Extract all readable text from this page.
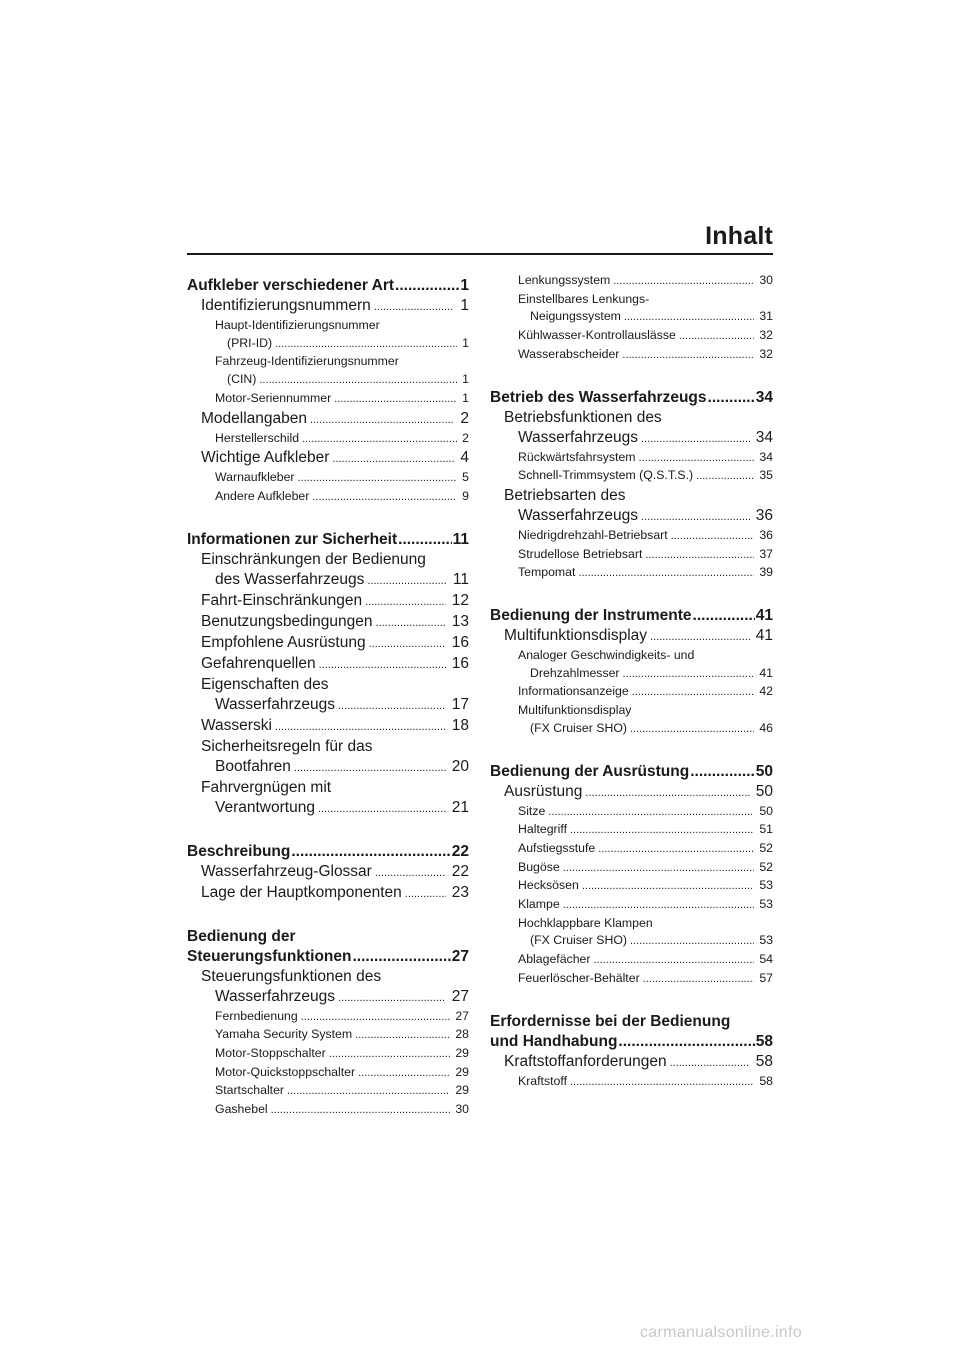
Inhalt
Aufkleber verschiedener Art .....	1
Identifizierungsnummern .....	1
Haupt-Identifizierungsnummer
(PRI-ID) .....	1
Fahrzeug-Identifizierungsnummer
(CIN) .....	1
Motor-Seriennummer .....	1
Modellangaben .....	2
Herstellerschild .....	2
Wichtige Aufkleber .....	4
Warnaufkleber .....	5
Andere Aufkleber .....	9
Informationen zur Sicherheit .....	11
Einschränkungen der Bedienung
des Wasserfahrzeugs .....	11
Fahrt-Einschränkungen .....	12
Benutzungsbedingungen .....	13
Empfohlene Ausrüstung .....	16
Gefahrenquellen .....	16
Eigenschaften des
Wasserfahrzeugs .....	17
Wasserski .....	18
Sicherheitsregeln für das
Bootfahren .....	20
Fahrvergnügen mit
Verantwortung .....	21
Beschreibung .....	22
Wasserfahrzeug-Glossar .....	22
Lage der Hauptkomponenten .....	23
Bedienung der
Steuerungsfunktionen .....	27
Steuerungsfunktionen des
Wasserfahrzeugs .....	27
Fernbedienung .....	27
Yamaha Security System .....	28
Motor-Stoppschalter .....	29
Motor-Quickstoppschalter .....	29
Startschalter .....	29
Gashebel .....	30
Lenkungssystem .....	30
Einstellbares Lenkungs-
Neigungssystem .....	31
Kühlwasser-Kontrollauslässe .....	32
Wasserabscheider .....	32
Betrieb des Wasserfahrzeugs .....	34
Betriebsfunktionen des
Wasserfahrzeugs .....	34
Rückwärtsfahrsystem .....	34
Schnell-Trimmsystem (Q.S.T.S.) .....	35
Betriebsarten des
Wasserfahrzeugs .....	36
Niedrigdrehzahl-Betriebsart .....	36
Strudellose Betriebsart .....	37
Tempomat .....	39
Bedienung der Instrumente .....	41
Multifunktionsdisplay .....	41
Analoger Geschwindigkeits- und
Drehzahlmesser .....	41
Informationsanzeige .....	42
Multifunktionsdisplay
(FX Cruiser SHO) .....	46
Bedienung der Ausrüstung .....	50
Ausrüstung .....	50
Sitze .....	50
Haltegriff .....	51
Aufstiegsstufe .....	52
Bugöse .....	52
Hecksösen .....	53
Klampe .....	53
Hochklappbare Klampen
(FX Cruiser SHO) .....	53
Ablagefächer .....	54
Feuerlöscher-Behälter .....	57
Erfordernisse bei der Bedienung
und Handhabung .....	58
Kraftstoffanforderungen .....	58
Kraftstoff .....	58
carmanualsonline.info
